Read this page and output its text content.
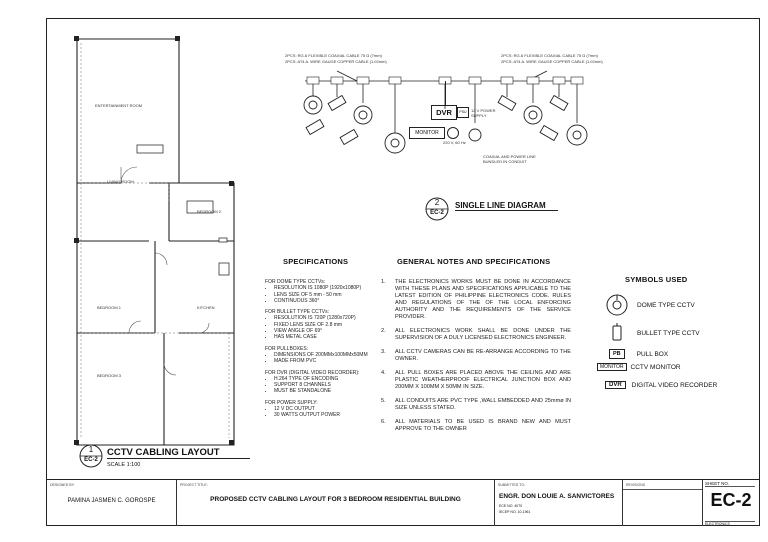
ENTERTAINMENT ROOM
LIVING ROOM
BEDROOM 2
BEDROOM 1	KITCHEN
BEDROOM 3
1
EC-2
CCTV CABLING LAYOUT
SCALE 1:100
2PCS: RG-6 FLEXIBLE COAXIAL CABLE 75 Ω (7mm)
2PCS: AT4 A. WIRE GAUGE COPPER CABLE (1.02mm)
2PCS: RG-6 FLEXIBLE COAXIAL CABLE 75 Ω (7mm)
2PCS: AT4 A. WIRE GAUGE COPPER CABLE (1.02mm)
DVR
MONITOR
PSU	12 V POWER SUPPLY
220 V, 60 Hz
COAXIAL AND POWER LINE BUNDLED IN CONDUIT
2
EC-2
SINGLE LINE DIAGRAM
SPECIFICATIONS
FOR DOME TYPE CCTVs:
• RESOLUTION IS 1080P (1920x1080P)
• LENS SIZE OF 5 mm - 50 mm
• CONTINUOUS 360°
FOR BULLET TYPE CCTVs:
• RESOLUTION IS 720P (1280x720P)
• FIXED LENS SIZE OF 2.8 mm
• VIEW ANGLE OF 69°
• HAS METAL CASE
FOR PULLBOXES:
• DIMENSIONS OF 200MMx100MMx50MM
• MADE FROM PVC
FOR DVR (DIGITAL VIDEO RECORDER):
• H.264 TYPE OF ENCODING
• SUPPORT 8 CHANNELS
• MUST BE STANDALONE
FOR POWER SUPPLY:
• 12 V DC OUTPUT
• 30 WATTS OUTPUT POWER
GENERAL NOTES AND SPECIFICATIONS
1.	THE ELECTRONICS WORKS MUST BE DONE IN ACCORDANCE WITH THESE PLANS AND SPECIFICATIONS APPLICABLE TO THE LATEST EDITION OF PHILIPPINE ELECTRONICS CODE. RULES AND REGULATIONS OF THE OF THE LOCAL ENFORCING AUTHORITY AND THE REQUIREMENTS OF THE SERVICE PROVIDER.
2.	ALL ELECTRONICS WORK SHALL BE DONE UNDER THE SUPERVISION OF A DULY LICENSED ELECTRONICS ENGINEER.
3.	ALL CCTV CAMERAS CAN BE RE-ARRANGE ACCORDING TO THE OWNER.
4.	ALL PULL BOXES ARE PLACED ABOVE THE CEILING AND ARE PLASTIC WEATHERPROOF ELECTRICAL JUNCTION BOX AND 200MM X 100MM X 50MM IN SIZE.
5.	ALL CONDUITS ARE PVC TYPE ,WALL EMBEDDED AND 25mmø IN SIZE UNLESS STATED.
6.	ALL MATERIALS TO BE USED IS BRAND NEW AND MUST APPROVE TO THE OWNER
SYMBOLS USED
DOME TYPE CCTV
BULLET TYPE CCTV
PB	PULL BOX
MONITOR	CCTV MONITOR
DVR	DIGITAL VIDEO RECORDER
DESIGNED BY:
PAMINA JASMEN C. GOROSPE
PROJECT TITLE:
PROPOSED CCTV CABLING LAYOUT FOR 3 BEDROOM RESIDENTIAL BUILDING
SUBMITTED TO:
ENGR. DON LOUIE A. SANVICTORES
ECE NO. 4070
IECEP NO. 10-1961
REVISIONS	SHEET NO.
EC-2
ELECTRONICS
